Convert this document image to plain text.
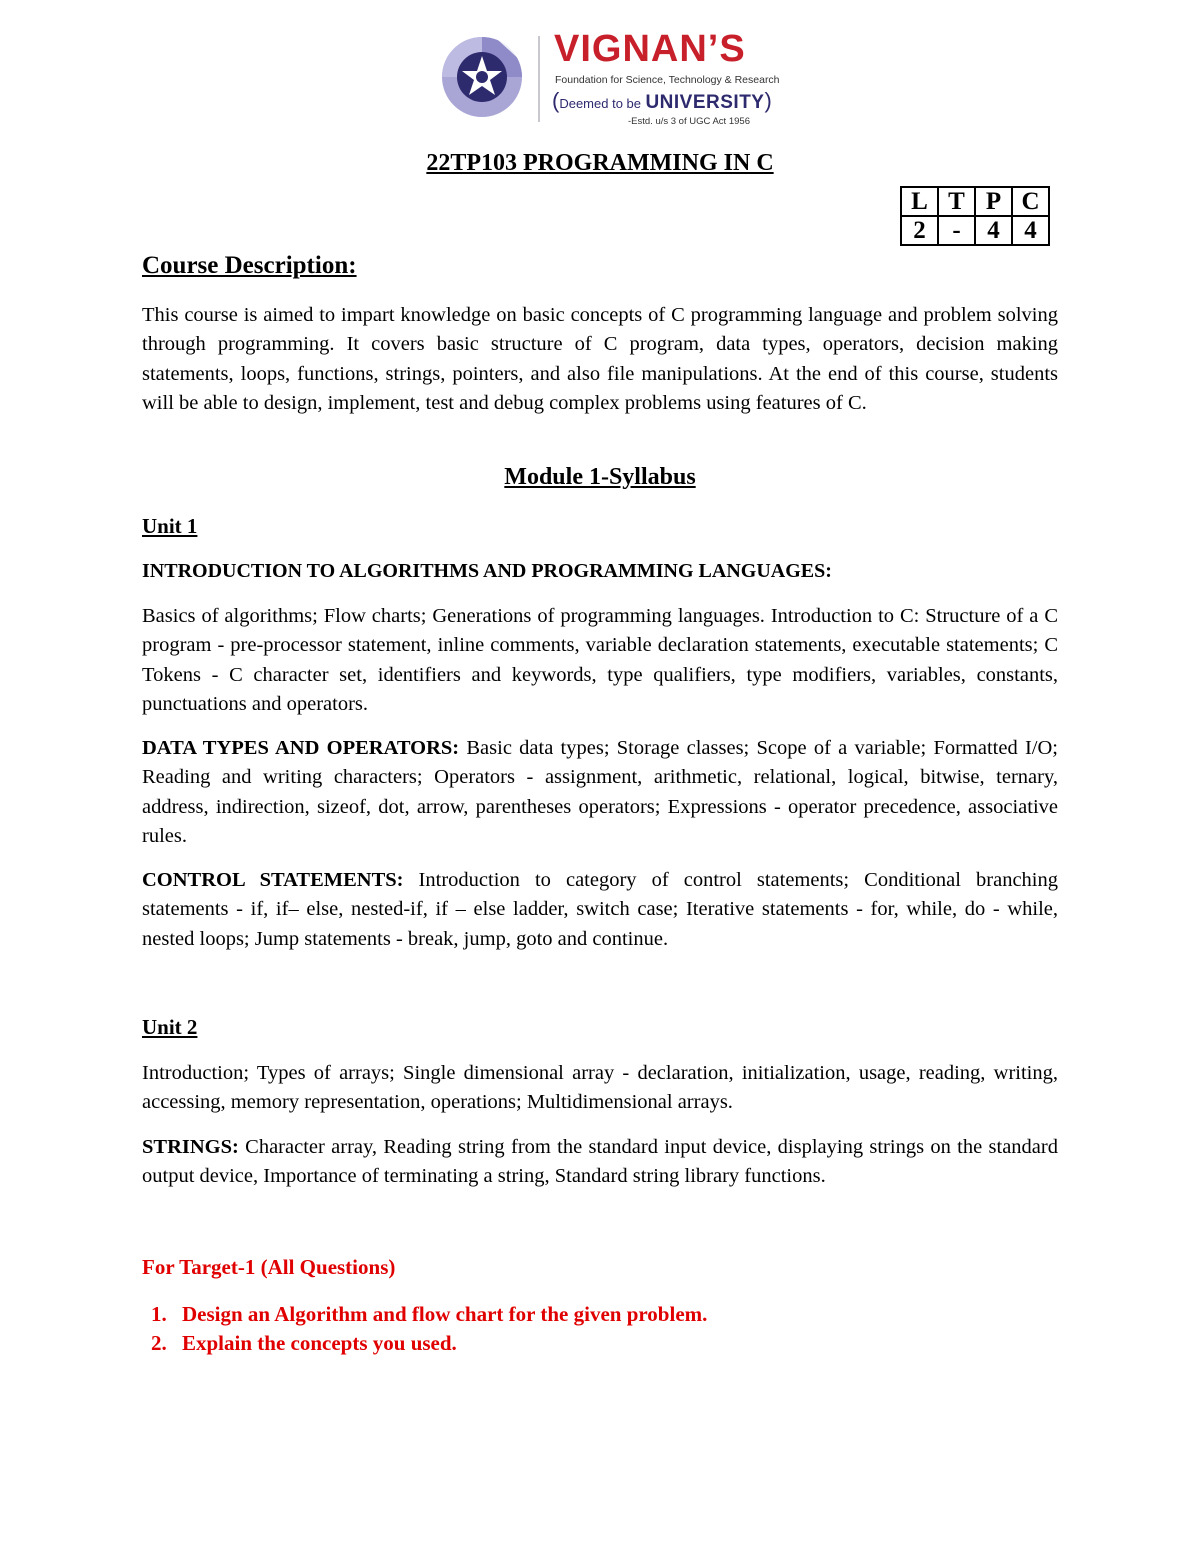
VIGNAN’S
Foundation for Science, Technology & Research
(Deemed to be UNIVERSITY)
-Estd. u/s 3 of UGC Act 1956
22TP103 PROGRAMMING IN C
L	T	P	C
2	-	4	4
Course Description:

This course is aimed to impart knowledge on basic concepts of C programming language and problem solving through programming. It covers basic structure of C program, data types, operators, decision making statements, loops, functions, strings, pointers, and also file manipulations. At the end of this course, students will be able to design, implement, test and debug complex problems using features of C.

Module 1-Syllabus
Unit 1
INTRODUCTION TO ALGORITHMS AND PROGRAMMING LANGUAGES:

Basics of algorithms; Flow charts; Generations of programming languages. Introduction to C: Structure of a C program - pre-processor statement, inline comments, variable declaration statements, executable statements; C Tokens - C character set, identifiers and keywords, type qualifiers, type modifiers, variables, constants, punctuations and operators.

DATA TYPES AND OPERATORS: Basic data types; Storage classes; Scope of a variable; Formatted I/O; Reading and writing characters; Operators - assignment, arithmetic, relational, logical, bitwise, ternary, address, indirection, sizeof, dot, arrow, parentheses operators; Expressions - operator precedence, associative rules.

CONTROL STATEMENTS: Introduction to category of control statements; Conditional branching statements - if, if– else, nested-if, if – else ladder, switch case; Iterative statements - for, while, do - while, nested loops; Jump statements - break, jump, goto and continue.

Unit 2

Introduction; Types of arrays; Single dimensional array - declaration, initialization, usage, reading, writing, accessing, memory representation, operations; Multidimensional arrays.

STRINGS: Character array, Reading string from the standard input device, displaying strings on the standard output device, Importance of terminating a string, Standard string library functions.

For Target-1 (All Questions)
1. Design an Algorithm and flow chart for the given problem.
2. Explain the concepts you used.
